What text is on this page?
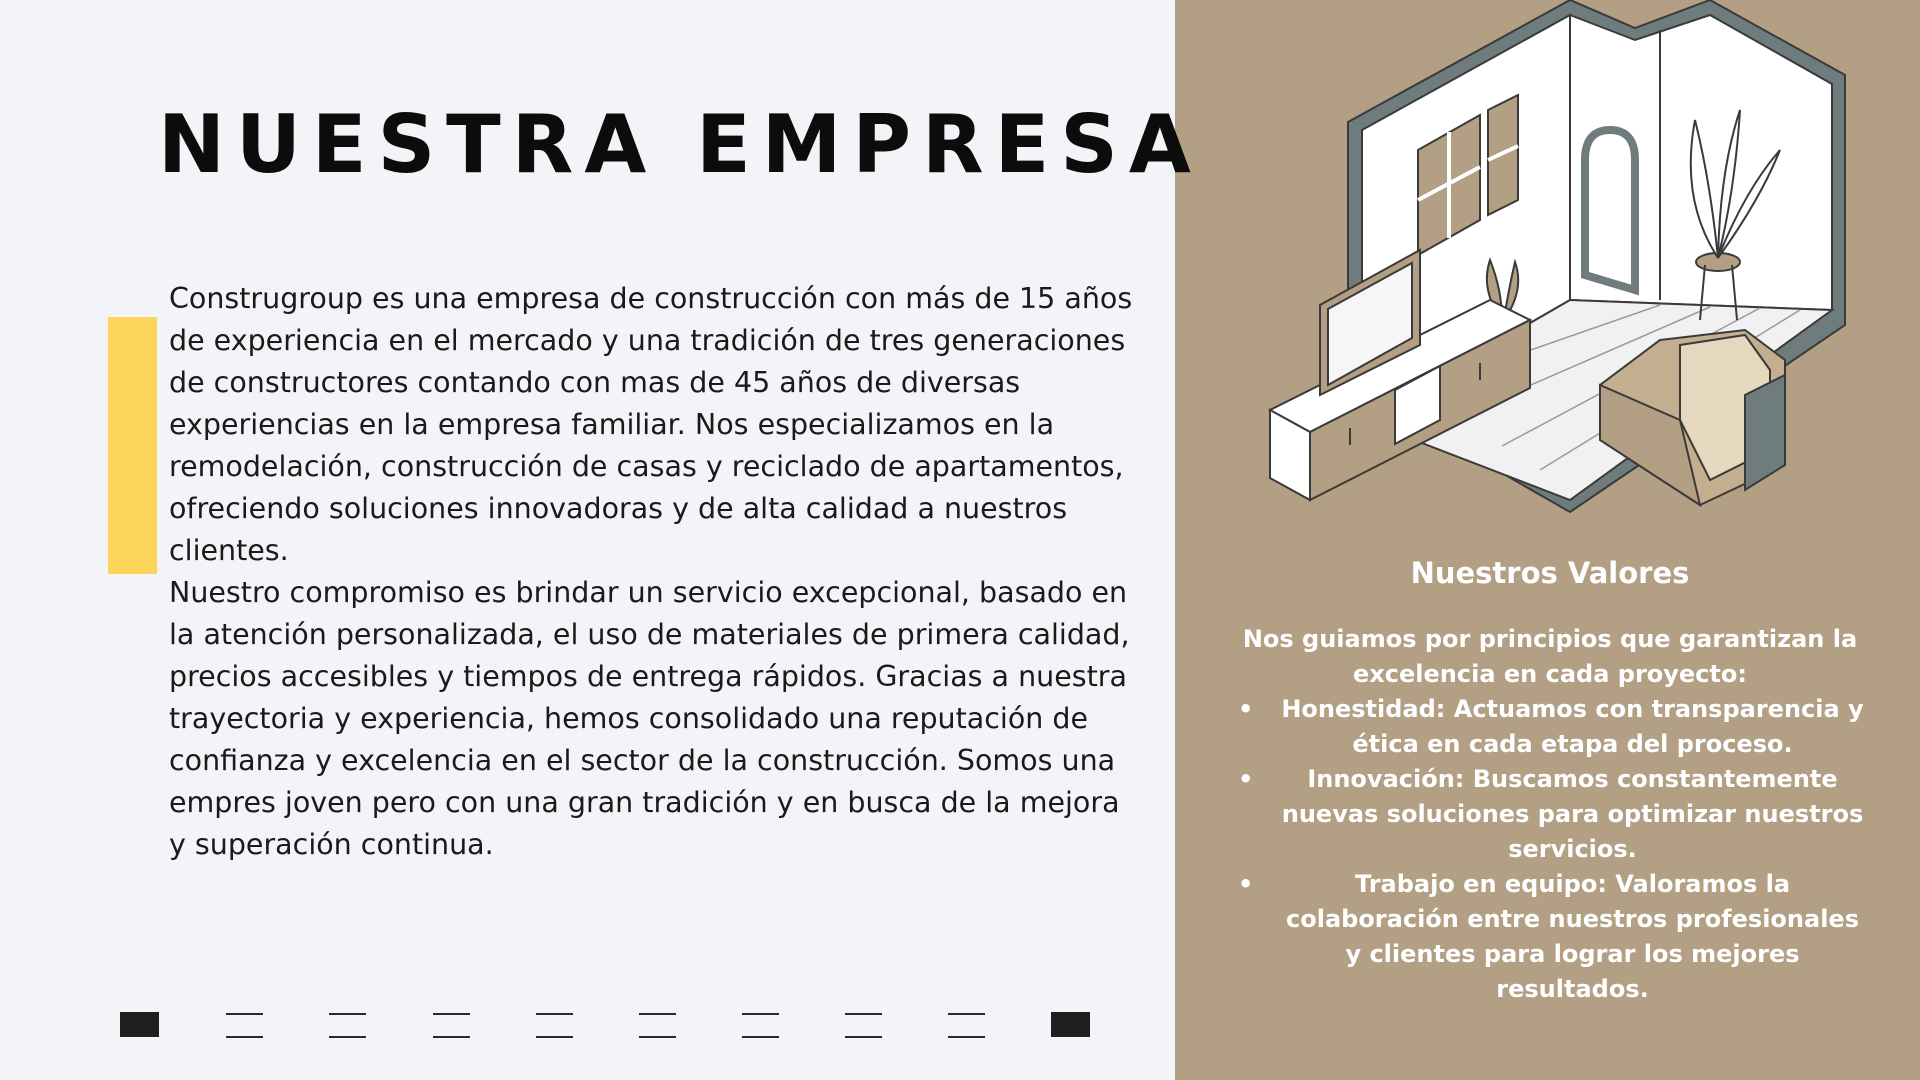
NUESTRA EMPRESA

Construgroup es una empresa de construcción con más de 15 años de experiencia en el mercado y una tradición de tres generaciones de constructores contando con mas de 45 años de diversas experiencias en la empresa familiar. Nos especializamos en la remodelación, construcción de casas y reciclado de apartamentos, ofreciendo soluciones innovadoras y de alta calidad a nuestros clientes.

Nuestro compromiso es brindar un servicio excepcional, basado en la atención personalizada, el uso de materiales de primera calidad, precios accesibles y tiempos de entrega rápidos. Gracias a nuestra trayectoria y experiencia, hemos consolidado una reputación de confianza y excelencia en el sector de la construcción. Somos una empres joven pero con una gran tradición y en busca de la mejora y superación continua.

Nuestros Valores
Nos guiamos por principios que garantizan la excelencia en cada proyecto:
• Honestidad: Actuamos con transparencia y ética en cada etapa del proceso.
• Innovación: Buscamos constantemente nuevas soluciones para optimizar nuestros servicios.
•	Trabajo en equipo: Valoramos la colaboración entre nuestros profesionales y clientes para lograr los mejores resultados.
